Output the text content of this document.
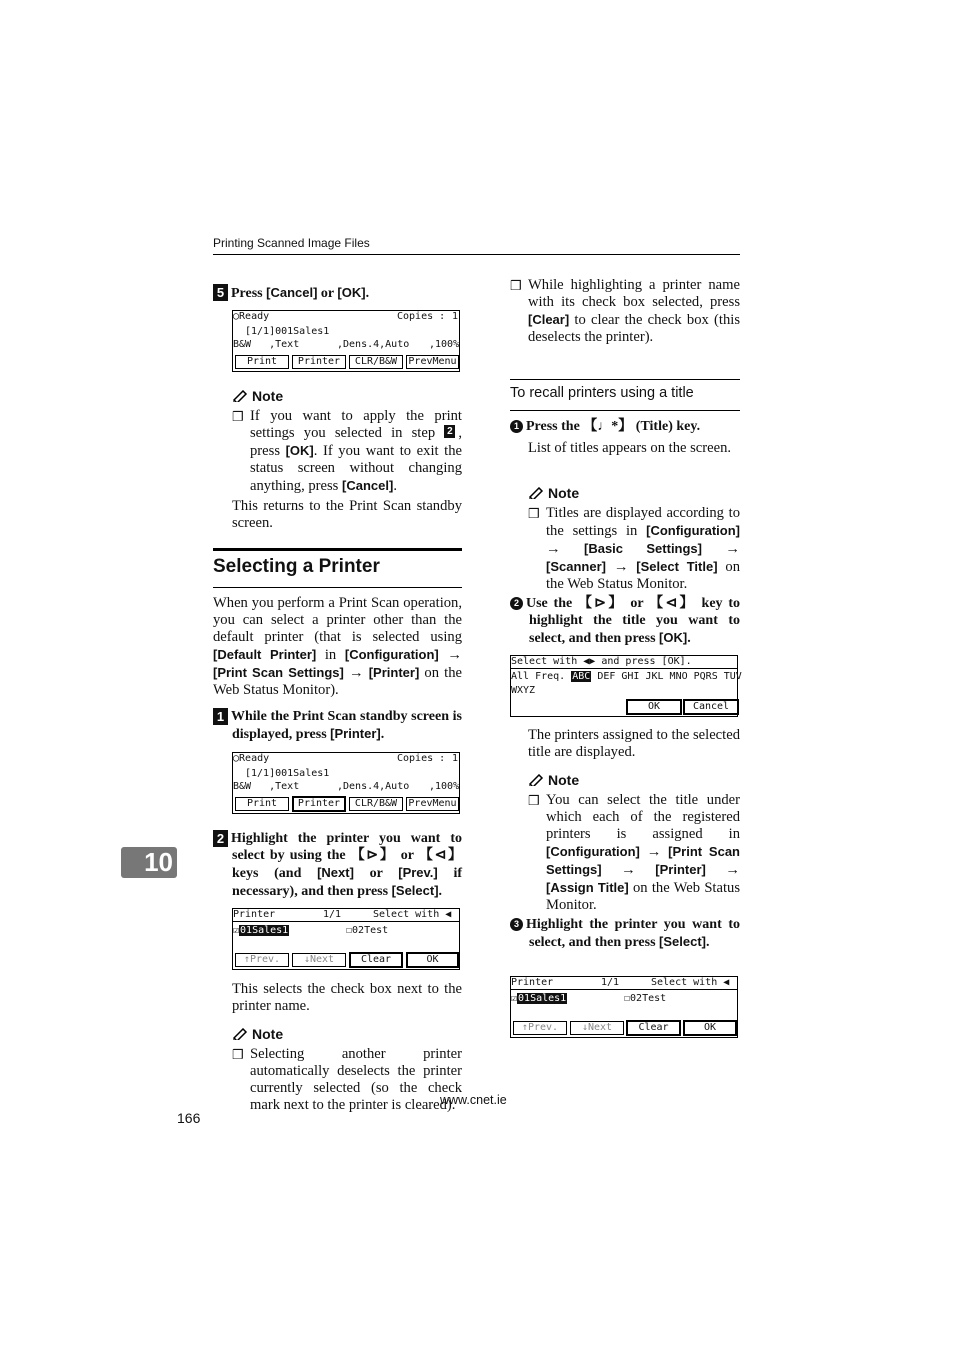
Printing Scanned Image Files
10
5 Press [Cancel] or [OK].
◯Ready	Copies : 1
[1/1]001Sales1
B&W   ,Text	,Dens.4,Auto ,100%
Print	Printer	CLR/B&W	PrevMenu
Note
❒ If you want to apply the print settings you selected in step 2 , press [OK]. If you want to exit the status screen without changing anything, press [Cancel].
This returns to the Print Scan standby screen.
Selecting a Printer
When you perform a Print Scan operation, you can select a printer other than the default printer (that is selected using [Default Printer] in [Configuration] → [Print Scan Settings] → [Printer] on the Web Status Monitor).
1 While the Print Scan standby screen is displayed, press [Printer].
◯Ready	Copies : 1
[1/1]001Sales1
B&W   ,Text	,Dens.4,Auto ,100%
Print	Printer	CLR/B&W	PrevMenu
2 Highlight the printer you want to select by using the 【⊳】 or 【⊲】 keys (and [Next] or [Prev.] if necessary), and then press [Select].
Printer	1/1	Select with ◀
☑01Sales1	☐02Test
↑Prev.	↓Next	Clear	OK
This selects the check box next to the printer name.
Note
❒ Selecting another printer automatically deselects the printer currently selected (so the check mark next to the printer is cleared).
❒ While highlighting a printer name with its check box selected, press [Clear] to clear the check box (this deselects the printer).
To recall printers using a title
1 Press the 【♩*】 (Title) key.
List of titles appears on the screen.
Note
❒ Titles are displayed according to the settings in [Configuration] → [Basic Settings] → [Scanner] → [Select Title] on the Web Status Monitor.
2 Use the 【⊳】 or 【⊲】 key to highlight the title you want to select, and then press [OK].
Select with ◀▶ and press [OK].
All Freq. ABC DEF GHI JKL MNO PQRS TUV
WXYZ
OK	Cancel
The printers assigned to the selected title are displayed.
Note
❒ You can select the title under which each of the registered printers is assigned in [Configuration] → [Print Scan Settings] → [Printer] → [Assign Title] on the Web Status Monitor.
3 Highlight the printer you want to select, and then press [Select].
Printer	1/1	Select with ◀
☑01Sales1	☐02Test
↑Prev.	↓Next	Clear	OK
166
www.cnet.ie
